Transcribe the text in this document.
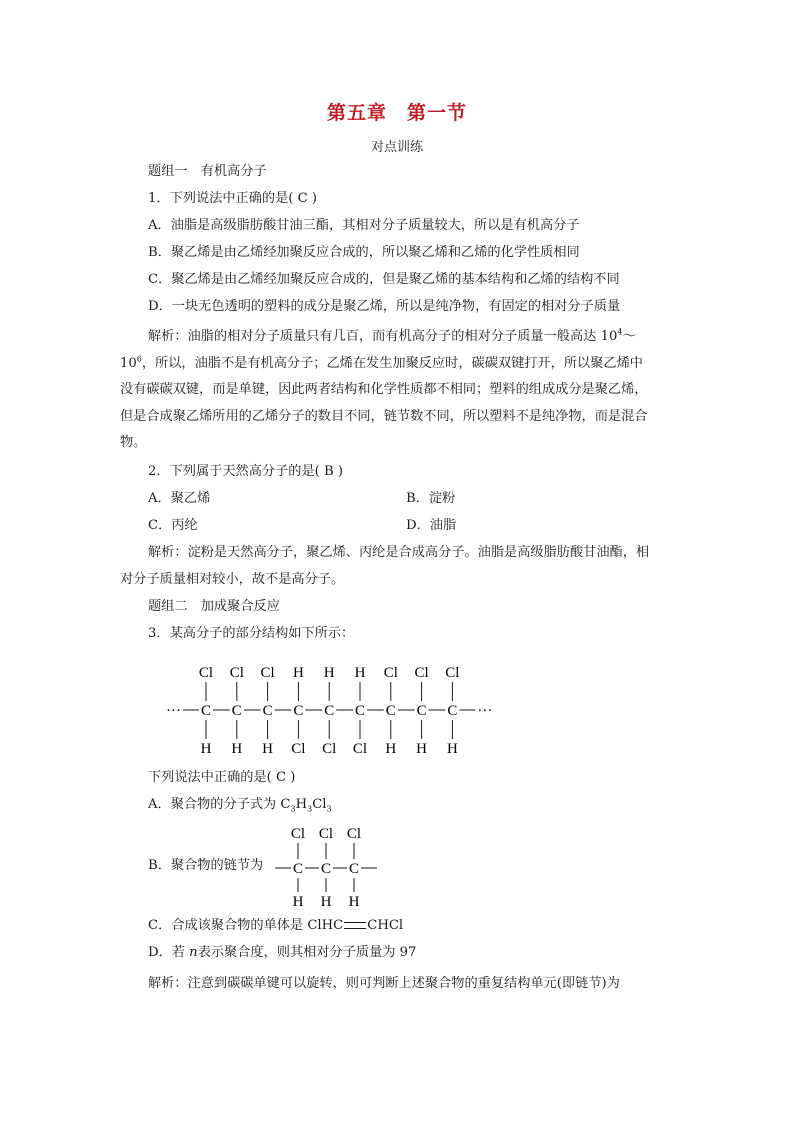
第五章　第一节
对点训练
题组一　有机高分子
1．下列说法中正确的是( C )
A．油脂是高级脂肪酸甘油三酯，其相对分子质量较大，所以是有机高分子
B．聚乙烯是由乙烯经加聚反应合成的，所以聚乙烯和乙烯的化学性质相同
C．聚乙烯是由乙烯经加聚反应合成的，但是聚乙烯的基本结构和乙烯的结构不同
D．一块无色透明的塑料的成分是聚乙烯，所以是纯净物，有固定的相对分子质量

解析：油脂的相对分子质量只有几百，而有机高分子的相对分子质量一般高达 $10^4\sim$

$10^6$，所以，油脂不是有机高分子；乙烯在发生加聚反应时，碳碳双键打开，所以聚乙烯中

没有碳碳双键，而是单键，因此两者结构和化学性质都不相同；塑料的组成成分是聚乙烯，

但是合成聚乙烯所用的乙烯分子的数目不同，链节数不同，所以塑料不是纯净物，而是混合

物。

2．下列属于天然高分子的是( B )
A．聚乙烯	B．淀粉
C．丙纶	D．油脂
解析：淀粉是天然高分子，聚乙烯、丙纶是合成高分子。油脂是高级脂肪酸甘油酯，相
对分子质量相对较小，故不是高分子。
题组二　加成聚合反应
3．某高分子的部分结构如下所示：
Cl Cl Cl H H H Cl Cl Cl
C C C C C C C C C
···	···
H H H Cl Cl Cl H H H
下列说法中正确的是( C )
A．聚合物的分子式为 $C_3H_3Cl_3$
B．聚合物的链节为
Cl Cl Cl
C C C
H H H
C．合成该聚合物的单体是 ClHC CHCl
D．若 n表示聚合度，则其相对分子质量为 97
解析：注意到碳碳单键可以旋转，则可判断上述聚合物的重复结构单元(即链节)为
